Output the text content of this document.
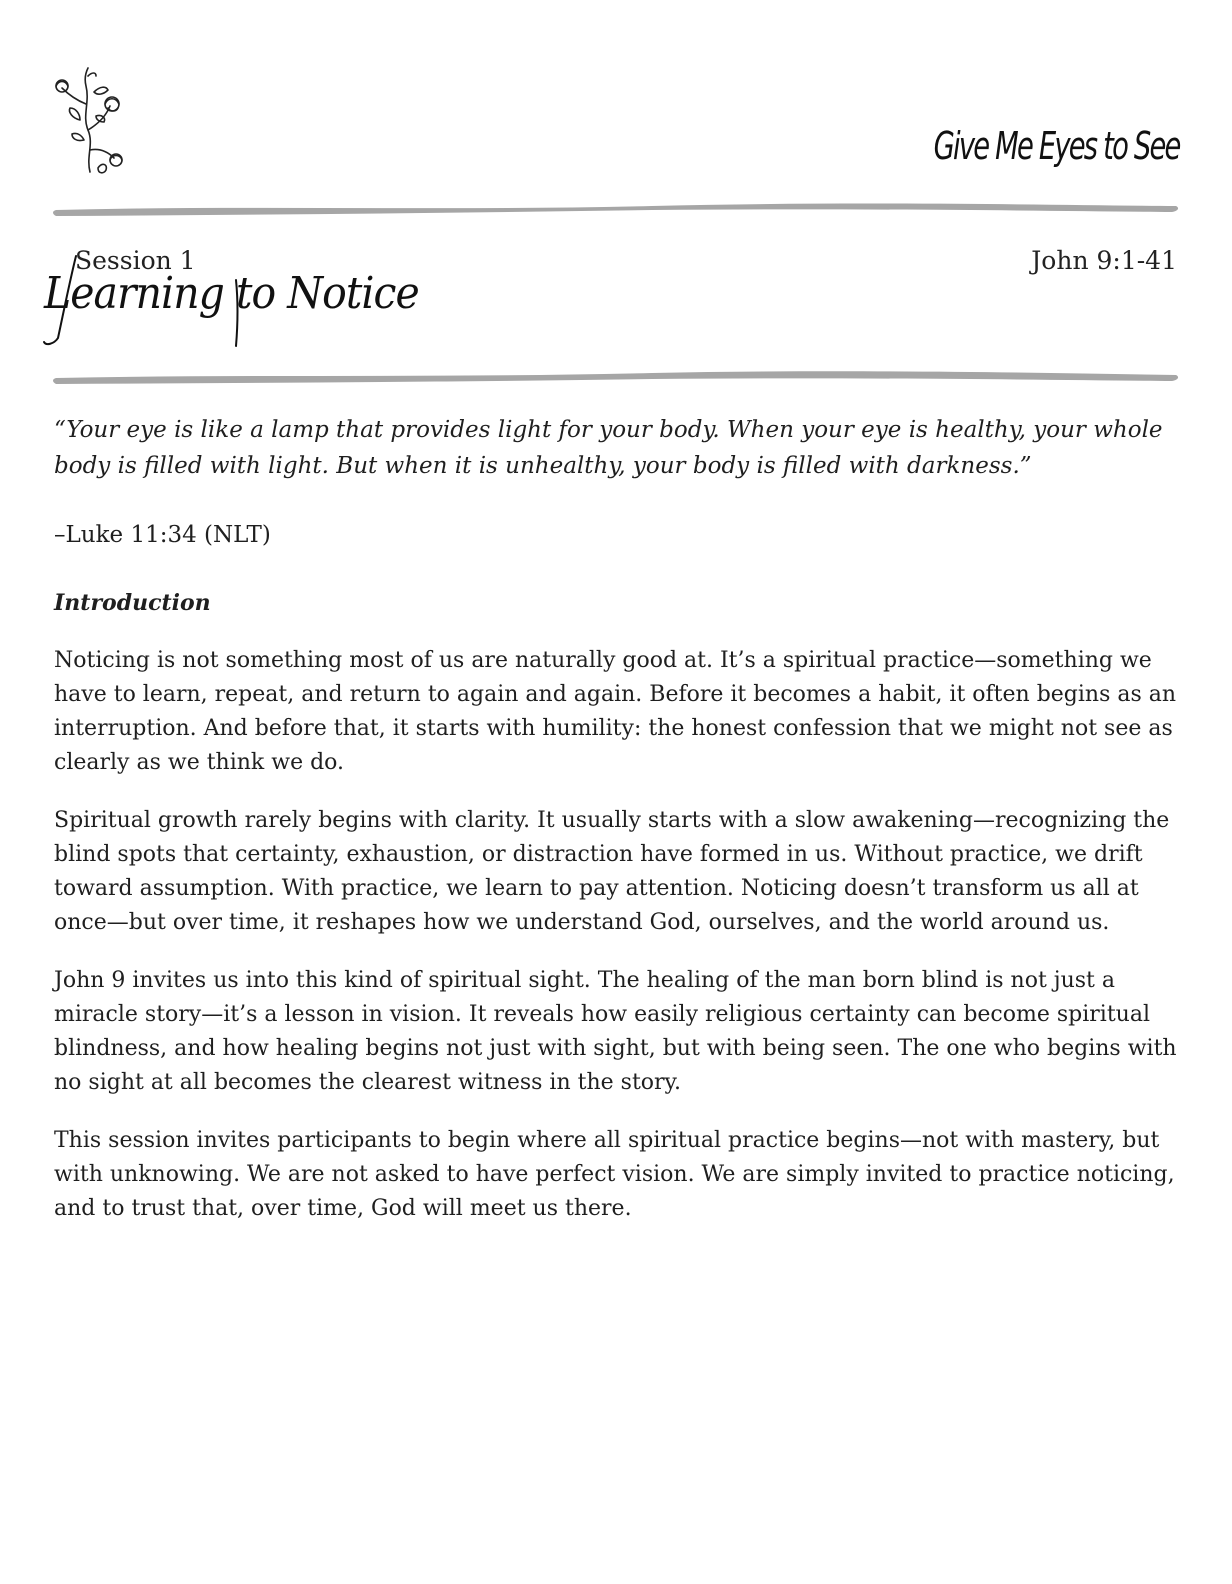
Give Me Eyes to See
Session 1	John 9:1-41
Learning to Notice

“Your eye is like a lamp that provides light for your body. When your eye is healthy, your whole body is filled with light. But when it is unhealthy, your body is filled with darkness.”

–Luke 11:34 (NLT)

Introduction

Noticing is not something most of us are naturally good at. It’s a spiritual practice—something we have to learn, repeat, and return to again and again. Before it becomes a habit, it often begins as an interruption. And before that, it starts with humility: the honest confession that we might not see as clearly as we think we do.

Spiritual growth rarely begins with clarity. It usually starts with a slow awakening—recognizing the blind spots that certainty, exhaustion, or distraction have formed in us. Without practice, we drift toward assumption. With practice, we learn to pay attention. Noticing doesn’t transform us all at once—but over time, it reshapes how we understand God, ourselves, and the world around us.

John 9 invites us into this kind of spiritual sight. The healing of the man born blind is not just a miracle story—it’s a lesson in vision. It reveals how easily religious certainty can become spiritual blindness, and how healing begins not just with sight, but with being seen. The one who begins with no sight at all becomes the clearest witness in the story.

This session invites participants to begin where all spiritual practice begins—not with mastery, but with unknowing. We are not asked to have perfect vision. We are simply invited to practice noticing, and to trust that, over time, God will meet us there.
